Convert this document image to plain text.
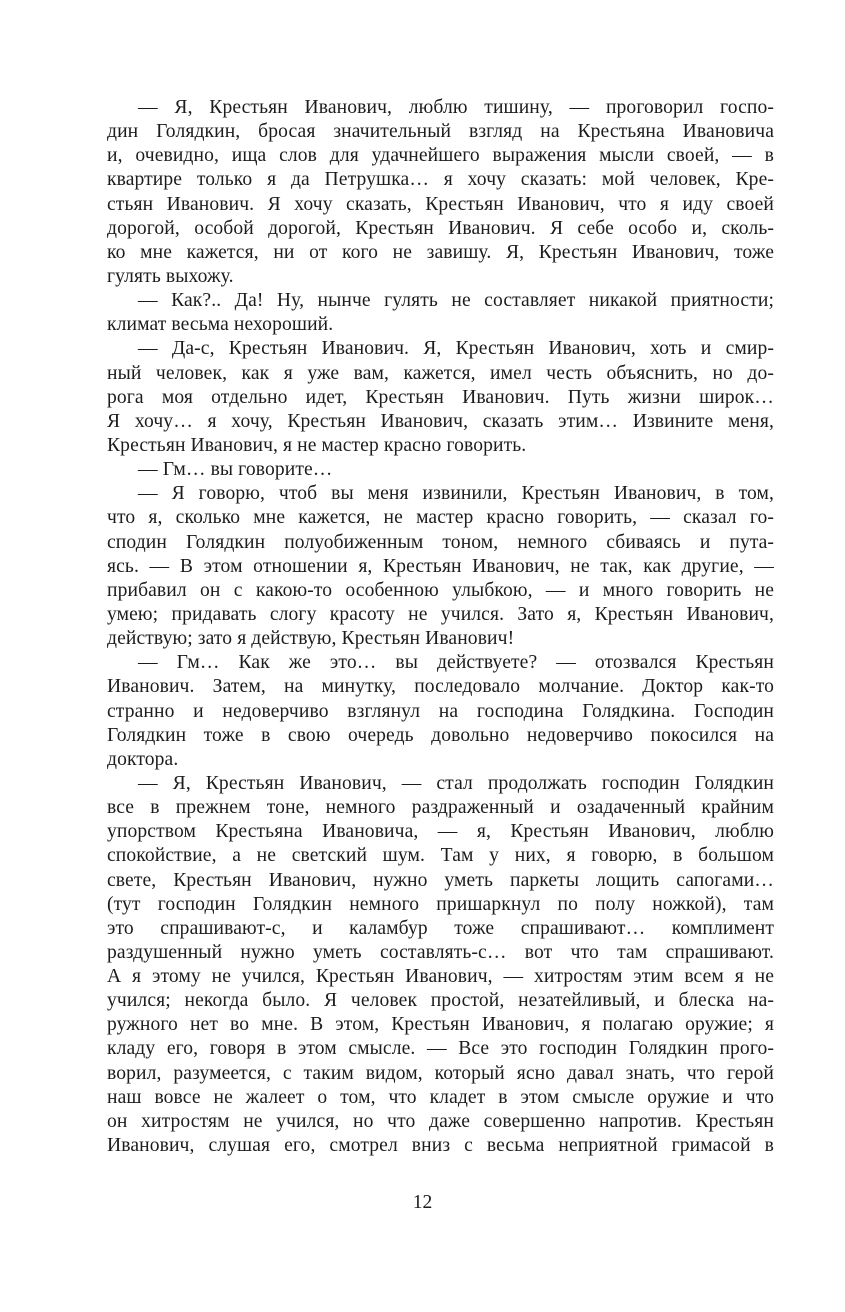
— Я, Крестьян Иванович, люблю тишину, — проговорил госпо-
дин Голядкин, бросая значительный взгляд на Крестьяна Ивановича
и, очевидно, ища слов для удачнейшего выражения мысли своей, — в
квартире только я да Петрушка… я хочу сказать: мой человек, Кре-
стьян Иванович. Я хочу сказать, Крестьян Иванович, что я иду своей
дорогой, особой дорогой, Крестьян Иванович. Я себе особо и, сколь-
ко мне кажется, ни от кого не завишу. Я, Крестьян Иванович, тоже
гулять выхожу.
— Как?.. Да! Ну, нынче гулять не составляет никакой приятности;
климат весьма нехороший.
— Да-с, Крестьян Иванович. Я, Крестьян Иванович, хоть и смир-
ный человек, как я уже вам, кажется, имел честь объяснить, но до-
рога моя отдельно идет, Крестьян Иванович. Путь жизни широк…
Я хочу… я хочу, Крестьян Иванович, сказать этим… Извините меня,
Крестьян Иванович, я не мастер красно говорить.
— Гм… вы говорите…
— Я говорю, чтоб вы меня извинили, Крестьян Иванович, в том,
что я, сколько мне кажется, не мастер красно говорить, — сказал го-
сподин Голядкин полуобиженным тоном, немного сбиваясь и путa-
ясь. — В этом отношении я, Крестьян Иванович, не так, как другие, —
прибавил он с какою-то особенною улыбкою, — и много говорить не
умею; придавать слогу красоту не учился. Зато я, Крестьян Иванович,
действую; зато я действую, Крестьян Иванович!
— Гм… Как же это… вы действуете? — отозвался Крестьян
Иванович. Затем, на минутку, последовало молчание. Доктор как-то
странно и недоверчиво взглянул на господина Голядкина. Господин
Голядкин тоже в свою очередь довольно недоверчиво покосился на
доктора.
— Я, Крестьян Иванович, — стал продолжать господин Голядкин
все в прежнем тоне, немного раздраженный и озадаченный крайним
упорством Крестьяна Ивановича, — я, Крестьян Иванович, люблю
спокойствие, а не светский шум. Там у них, я говорю, в большом
свете, Крестьян Иванович, нужно уметь паркеты лощить сапогами…
(тут господин Голядкин немного пришаркнул по полу ножкой), там
это спрашивают-с, и каламбур тоже спрашивают… комплимент
раздушенный нужно уметь составлять-с… вот что там спрашивают.
А я этому не учился, Крестьян Иванович, — хитростям этим всем я не
учился; некогда было. Я человек простой, незатейливый, и блеска на-
ружного нет во мне. В этом, Крестьян Иванович, я полагаю оружие; я
кладу его, говоря в этом смысле. — Все это господин Голядкин прого-
ворил, разумеется, с таким видом, который ясно давал знать, что герой
наш вовсе не жалеет о том, что кладет в этом смысле оружие и что
он хитростям не учился, но что даже совершенно напротив. Крестьян
Иванович, слушая его, смотрел вниз с весьма неприятной гримасой в
12
